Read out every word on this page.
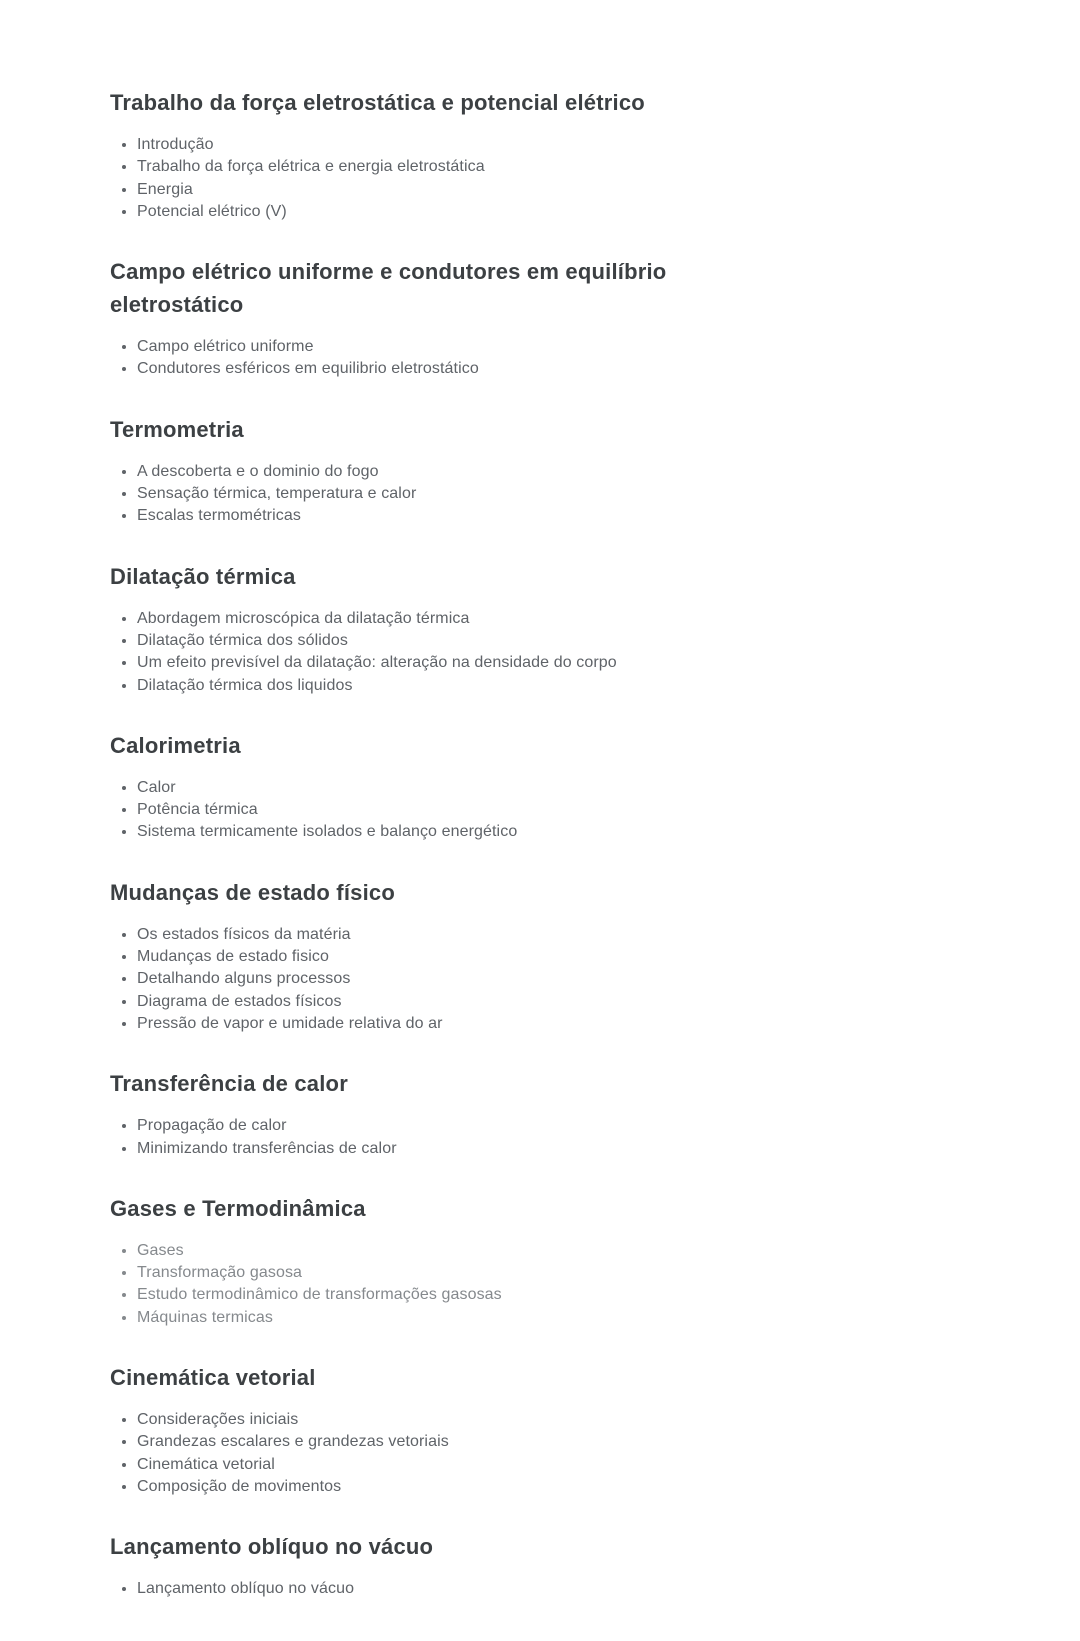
Trabalho da força eletrostática e potencial elétrico
• Introdução
• Trabalho da força elétrica e energia eletrostática
• Energia
• Potencial elétrico (V)
Campo elétrico uniforme e condutores em equilíbrio eletrostático
• Campo elétrico uniforme
• Condutores esféricos em equilibrio eletrostático
Termometria
• A descoberta e o dominio do fogo
• Sensação térmica, temperatura e calor
• Escalas termométricas
Dilatação térmica
• Abordagem microscópica da dilatação térmica
• Dilatação térmica dos sólidos
• Um efeito previsível da dilatação: alteração na densidade do corpo
• Dilatação térmica dos liquidos
Calorimetria
• Calor
• Potência térmica
• Sistema termicamente isolados e balanço energético
Mudanças de estado físico
• Os estados físicos da matéria
• Mudanças de estado fisico
• Detalhando alguns processos
• Diagrama de estados físicos
• Pressão de vapor e umidade relativa do ar
Transferência de calor
• Propagação de calor
• Minimizando transferências de calor
Gases e Termodinâmica
• Gases
• Transformação gasosa
• Estudo termodinâmico de transformações gasosas
• Máquinas termicas
Cinemática vetorial
• Considerações iniciais
• Grandezas escalares e grandezas vetoriais
• Cinemática vetorial
• Composição de movimentos
Lançamento oblíquo no vácuo
• Lançamento oblíquo no vácuo
